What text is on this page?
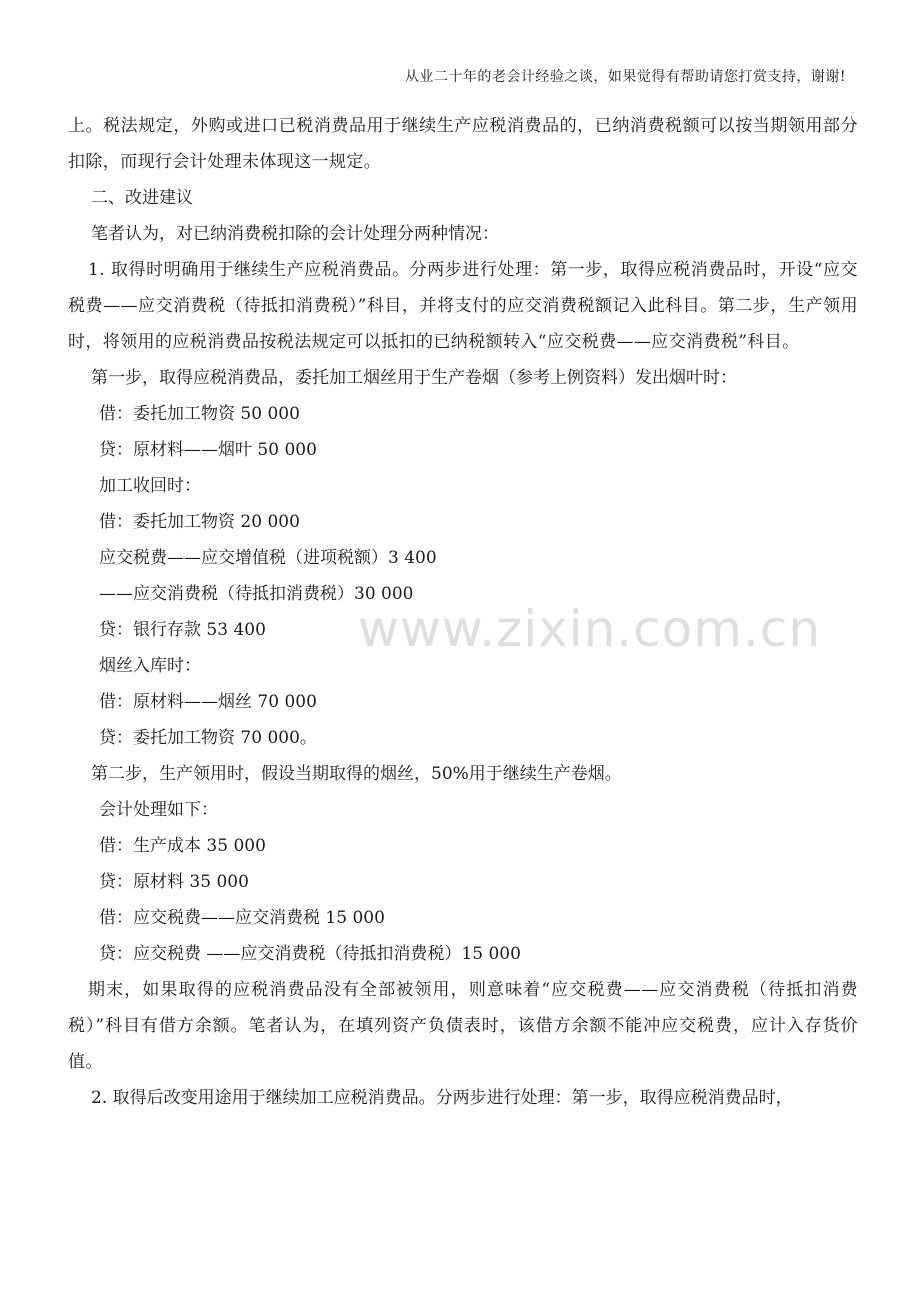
从业二十年的老会计经验之谈，如果觉得有帮助请您打赏支持，谢谢!
www.zixin.com.cn

上。税法规定，外购或进口已税消费品用于继续生产应税消费品的，已纳消费税额可以按当期领用部分扣除，而现行会计处理未体现这一规定。

二、改进建议

笔者认为，对已纳消费税扣除的会计处理分两种情况：

1. 取得时明确用于继续生产应税消费品。分两步进行处理：第一步，取得应税消费品时，开设“应交税费——应交消费税（待抵扣消费税）”科目，并将支付的应交消费税额记入此科目。第二步，生产领用时，将领用的应税消费品按税法规定可以抵扣的已纳税额转入“应交税费——应交消费税”科目。

第一步，取得应税消费品，委托加工烟丝用于生产卷烟（参考上例资料）发出烟叶时：

借：委托加工物资 50 000

贷：原材料——烟叶 50 000

加工收回时：

借：委托加工物资 20 000

应交税费——应交增值税（进项税额）3 400

——应交消费税（待抵扣消费税）30 000

贷：银行存款 53 400

烟丝入库时：

借：原材料——烟丝 70 000

贷：委托加工物资 70 000。

第二步，生产领用时，假设当期取得的烟丝，50%用于继续生产卷烟。

会计处理如下：

借：生产成本 35 000

贷：原材料 35 000

借：应交税费——应交消费税 15 000

贷：应交税费 ——应交消费税（待抵扣消费税）15 000

期末，如果取得的应税消费品没有全部被领用，则意味着“应交税费——应交消费税（待抵扣消费税）”科目有借方余额。笔者认为，在填列资产负债表时，该借方余额不能冲应交税费，应计入存货价值。

2. 取得后改变用途用于继续加工应税消费品。分两步进行处理：第一步，取得应税消费品时，
